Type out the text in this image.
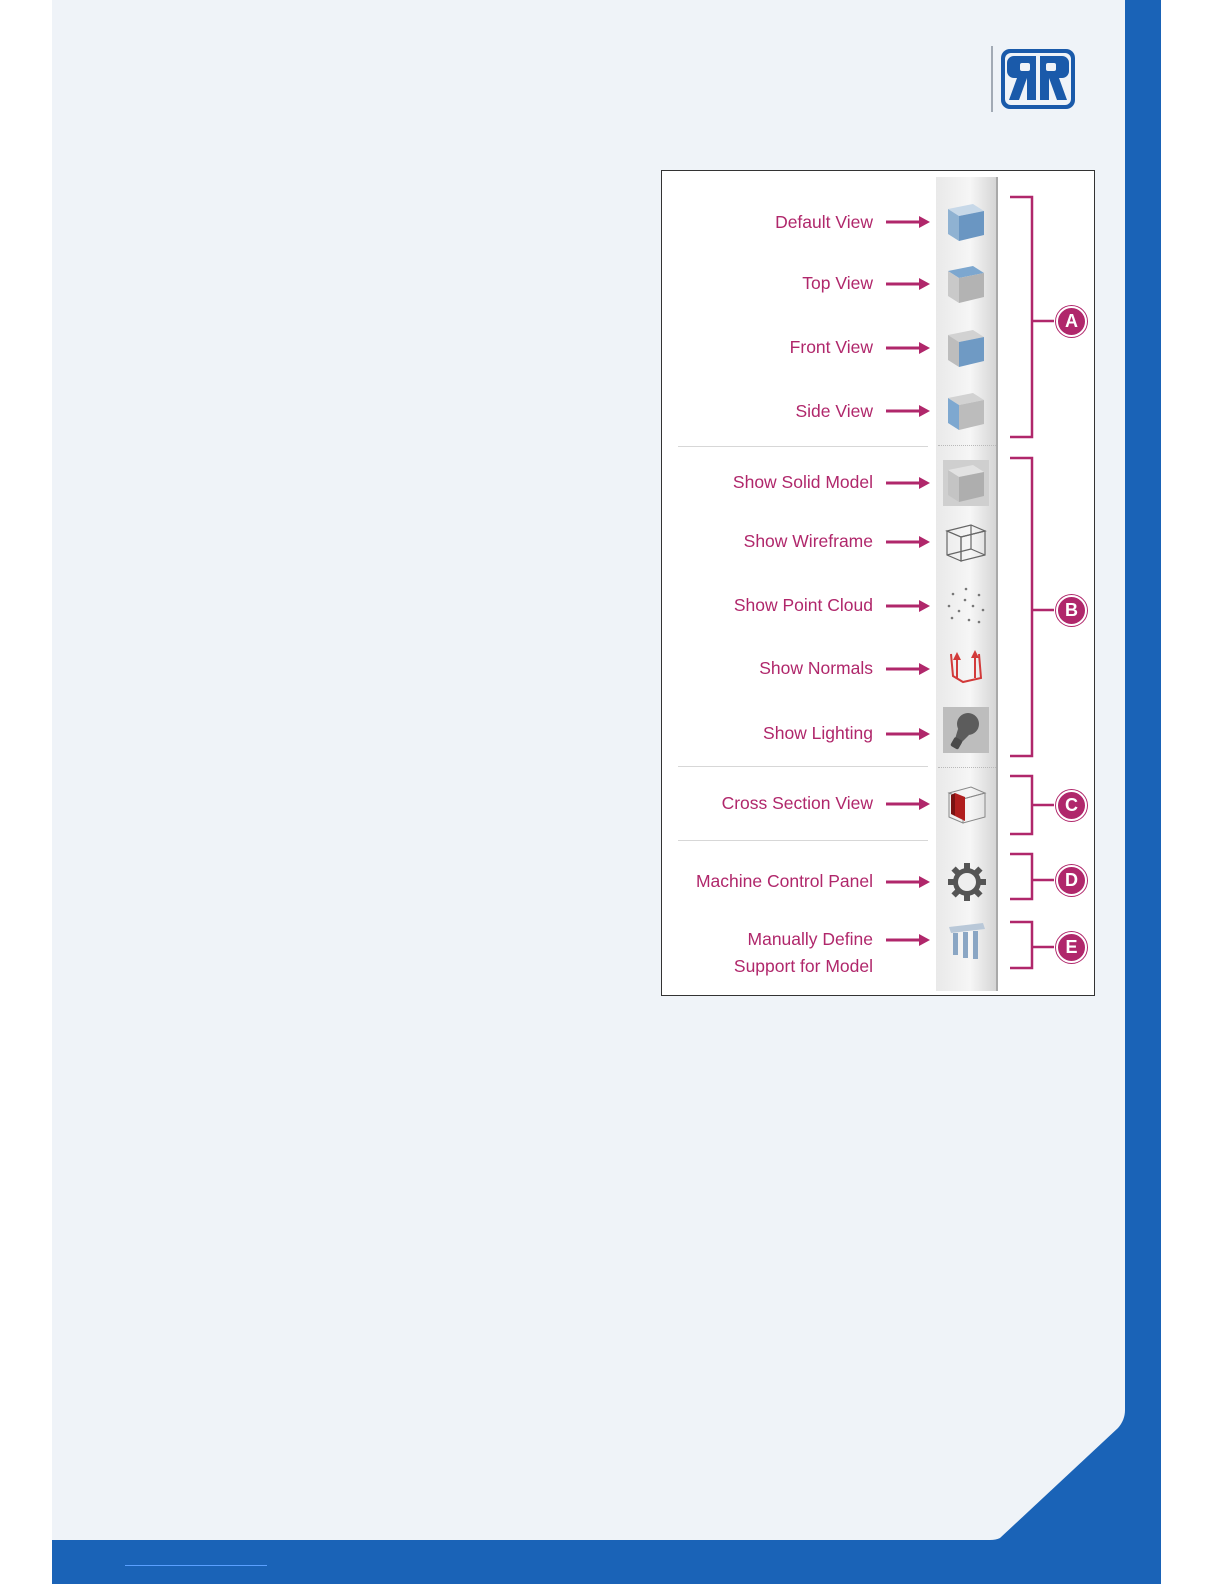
Default View
Top View
Front View
Side View
Show Solid Model
Show Wireframe
Show Point Cloud
Show Normals
Show Lighting
Cross Section View
Machine Control Panel
Manually Define
Support for Model
A
B
C
D
E
